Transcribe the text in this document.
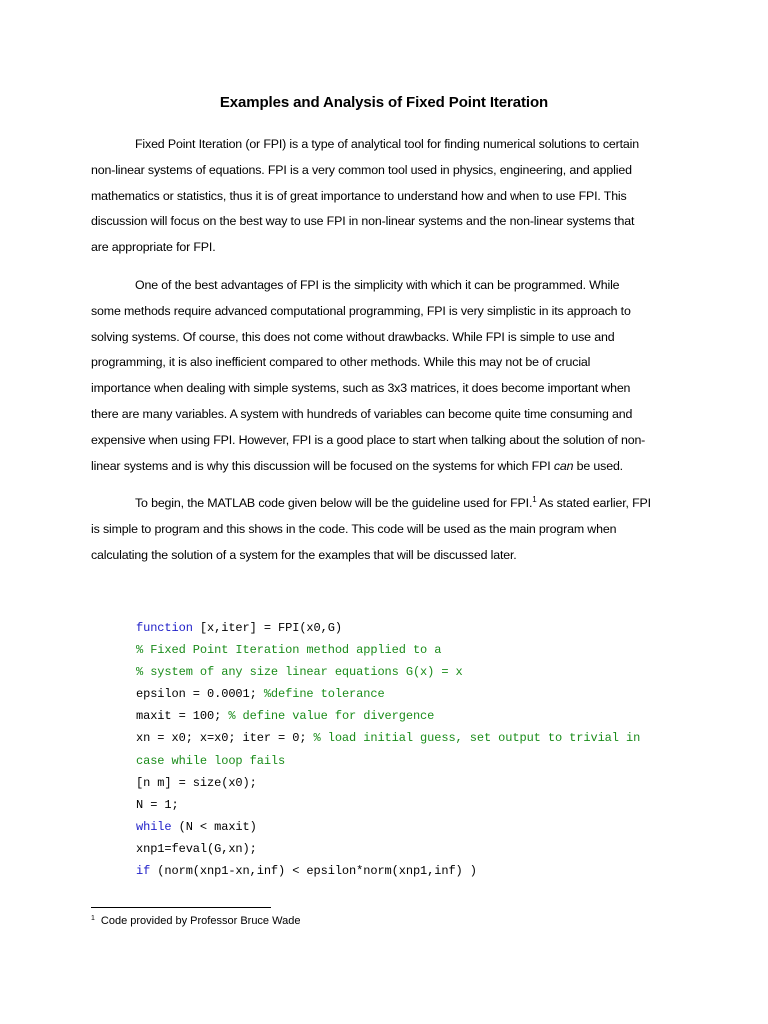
Examples and Analysis of Fixed Point Iteration
Fixed Point Iteration (or FPI) is a type of analytical tool for finding numerical solutions to certain
non-linear systems of equations. FPI is a very common tool used in physics, engineering, and applied
mathematics or statistics, thus it is of great importance to understand how and when to use FPI. This
discussion will focus on the best way to use FPI in non-linear systems and the non-linear systems that
are appropriate for FPI.
One of the best advantages of FPI is the simplicity with which it can be programmed. While
some methods require advanced computational programming, FPI is very simplistic in its approach to
solving systems. Of course, this does not come without drawbacks. While FPI is simple to use and
programming, it is also inefficient compared to other methods. While this may not be of crucial
importance when dealing with simple systems, such as 3x3 matrices, it does become important when
there are many variables. A system with hundreds of variables can become quite time consuming and
expensive when using FPI. However, FPI is a good place to start when talking about the solution of non-
linear systems and is why this discussion will be focused on the systems for which FPI can be used.
To begin, the MATLAB code given below will be the guideline used for FPI.$^1$ As stated earlier, FPI
is simple to program and this shows in the code. This code will be used as the main program when
calculating the solution of a system for the examples that will be discussed later.
function [x,iter] = FPI(x0,G)
% Fixed Point Iteration method applied to a
% system of any size linear equations G(x) = x
epsilon = 0.0001; %define tolerance
maxit = 100; % define value for divergence
xn = x0; x=x0; iter = 0; % load initial guess, set output to trivial in
case while loop fails
[n m] = size(x0);
N = 1;
while (N < maxit)
xnp1=feval(G,xn);
if (norm(xnp1-xn,inf) < epsilon*norm(xnp1,inf) )
$^1$ Code provided by Professor Bruce Wade
